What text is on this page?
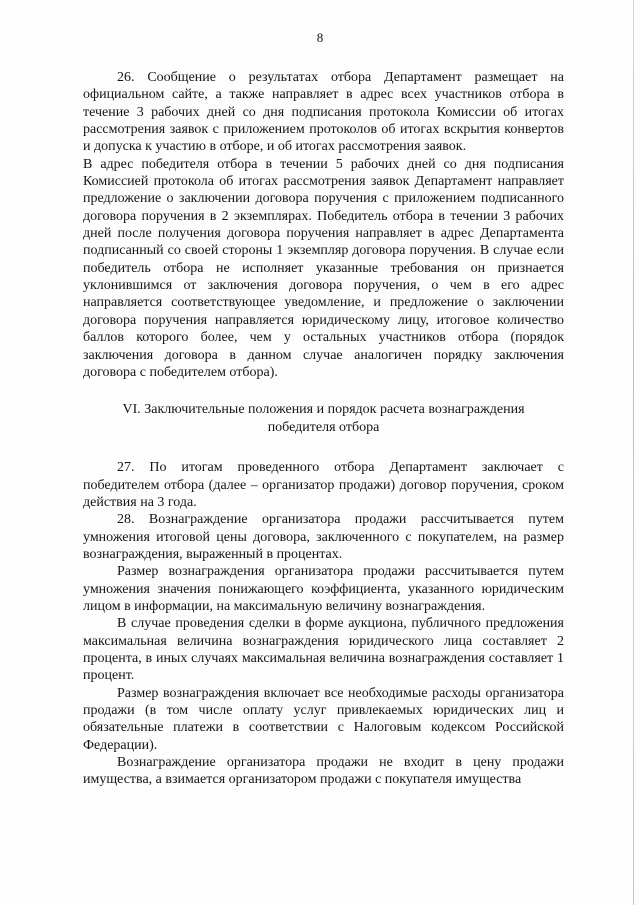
8

26. Сообщение о результатах отбора Департамент размещает на официальном сайте, а также направляет в адрес всех участников отбора в течение 3 рабочих дней со дня подписания протокола Комиссии об итогах рассмотрения заявок с приложением протоколов об итогах вскрытия конвертов и допуска к участию в отборе, и об итогах рассмотрения заявок.

В адрес победителя отбора в течении 5 рабочих дней со дня подписания Комиссией протокола об итогах рассмотрения заявок Департамент направляет предложение о заключении договора поручения с приложением подписанного договора поручения в 2 экземплярах. Победитель отбора в течении 3 рабочих дней после получения договора поручения направляет в адрес Департамента подписанный со своей стороны 1 экземпляр договора поручения. В случае если победитель отбора не исполняет указанные требования он признается уклонившимся от заключения договора поручения, о чем в его адрес направляется соответствующее уведомление, и предложение о заключении договора поручения направляется юридическому лицу, итоговое количество баллов которого более, чем у остальных участников отбора (порядок заключения договора в данном случае аналогичен порядку заключения договора с победителем отбора).

VI. Заключительные положения и порядок расчета вознаграждения
победителя отбора

27. По итогам проведенного отбора Департамент заключает с победителем отбора (далее – организатор продажи) договор поручения, сроком действия на 3 года.

28. Вознаграждение организатора продажи рассчитывается путем умножения итоговой цены договора, заключенного с покупателем, на размер вознаграждения, выраженный в процентах.

Размер вознаграждения организатора продажи рассчитывается путем умножения значения понижающего коэффициента, указанного юридическим лицом в информации, на максимальную величину вознаграждения.

В случае проведения сделки в форме аукциона, публичного предложения максимальная величина вознаграждения юридического лица составляет 2 процента, в иных случаях максимальная величина вознаграждения составляет 1 процент.

Размер вознаграждения включает все необходимые расходы организатора продажи (в том числе оплату услуг привлекаемых юридических лиц и обязательные платежи в соответствии с Налоговым кодексом Российской Федерации).

Вознаграждение организатора продажи не входит в цену продажи имущества, а взимается организатором продажи с покупателя имущества
